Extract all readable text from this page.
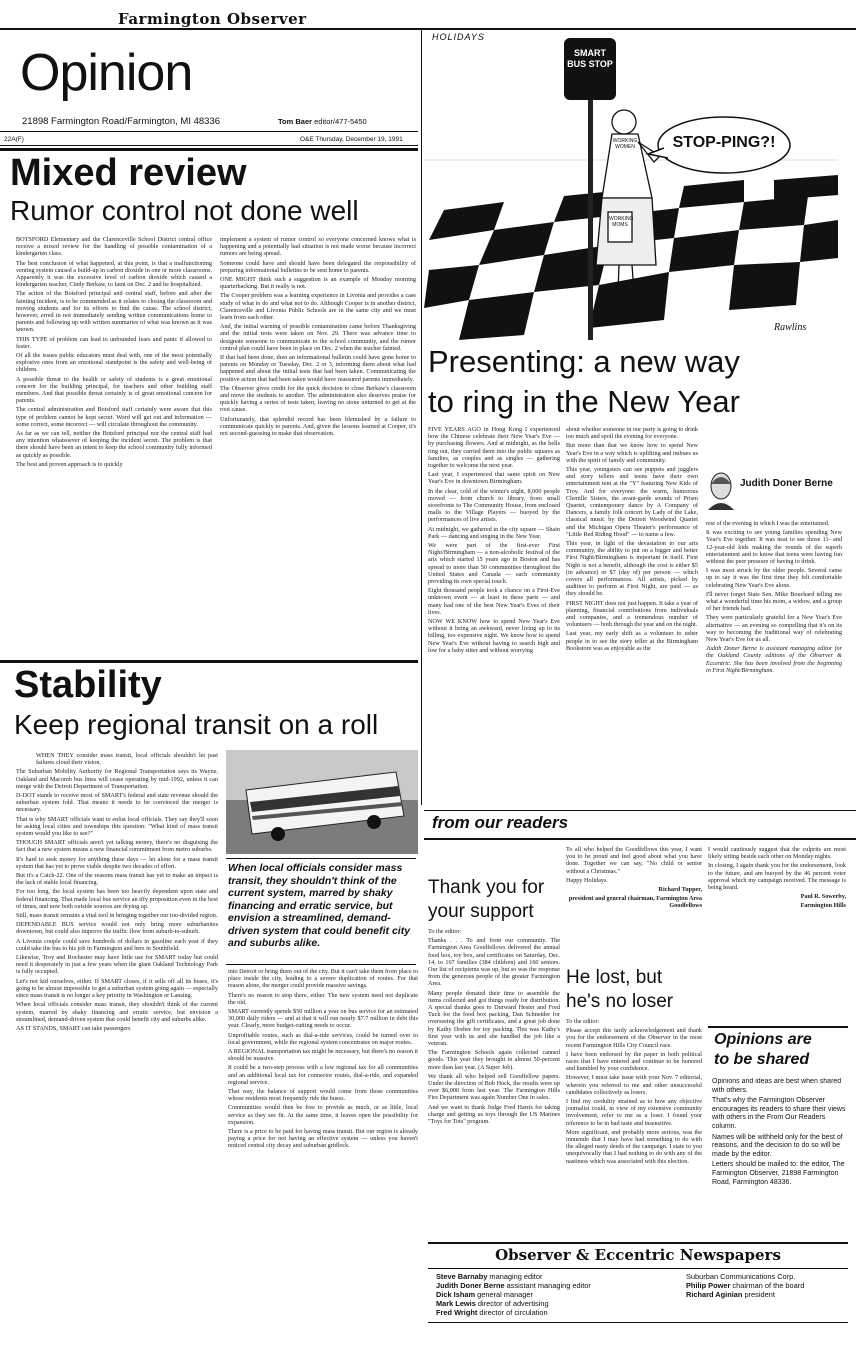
Farmington Observer
Opinion
21898 Farmington Road/Farmington, MI 48336	Tom Baer editor/477-5450
22A(F)	O&E Thursday, December 19, 1991
HOLIDAYS
SMART BUS STOP
WORKING WOMEN
WORKING MOMS
STOP-PING?!
Rawlins
Mixed review
Rumor control not done well

BOTSFORD Elementary and the Clarenceville School District central office receive a mixed review for the handling of possible contamination of a kindergarten class.

The best conclusion of what happened, at this point, is that a malfunctioning venting system caused a build-up in carbon dioxide in one or more classrooms. Apparently it was the excessive level of carbon dioxide which caused a kindergarten teacher, Cindy Berkaw, to faint on Dec. 2 and be hospitalized.

The action of the Botsford principal and central staff, before and after the fainting incident, is to be commended as it relates to closing the classroom and moving students and for its efforts to find the cause. The school district, however, erred in not immediately sending written communications home to parents and following up with written summaries of what was known as it was known.

THIS TYPE of problem can lead to unfounded fears and panic if allowed to fester.

Of all the issues public educators must deal with, one of the most potentially explosive ones from an emotional standpoint is the safety and well-being of children.

A possible threat to the health or safety of students is a great emotional concern for the building principal, for teachers and other building staff members. And that possible threat certainly is of great emotional concern for parents.

The central administration and Botsford staff certainly were aware that this type of problem cannot be kept secret. Word will get out and information — some correct, some incorrect — will circulate throughout the community.

As far as we can tell, neither the Botsford principal nor the central staff had any intention whatsoever of keeping the incident secret. The problem is that there should have been an intent to keep the school community fully informed as quickly as possible.

The best and proven approach is to quickly

implement a system of rumor control so everyone concerned knows what is happening and a potentially bad situation is not made worse because incorrect rumors are being spread.

Someone could have and should have been delegated the responsibility of preparing informational bulletins to be sent home to parents.

ONE MIGHT think such a suggestion is an example of Monday morning quarterbacking. But it really is not.

The Cooper problem was a learning experience in Livonia and provides a case study of what to do and what not to do. Although Cooper is in another district, Clarenceville and Livonia Public Schools are in the same city and we must learn from each other.

And, the initial warning of possible contamination came before Thanksgiving and the initial tests were taken on Nov. 29. There was advance time to designate someone to communicate to the school community, and the rumor control plan could have been in place on Dec. 2 when the teacher fainted.

If that had been done, then an informational bulletin could have gone home to parents on Monday or Tuesday, Dec. 2 or 3, informing them about what had happened and about the initial tests that had been taken. Communicating the positive action that had been taken would have reassured parents immediately.

The Observer gives credit for the quick decision to close Berkaw's classroom and move the students to another. The administration also deserves praise for quickly having a series of tests taken, leaving no stone unturned to get at the root cause.

Unfortunately, that splendid record has been blemished by a failure to communicate quickly to parents. And, given the lessons learned at Cooper, it's not second-guessing to make that observation.

Stability
Keep regional transit on a roll

WHEN THEY consider mass transit, local officials shouldn't let past failures cloud their vision.

The Suburban Mobility Authority for Regional Transportation says its Wayne, Oakland and Macomb bus lines will cease operating by mid-1992, unless it can merge with the Detroit Department of Transportation.

D-DOT stands to receive most of SMART's federal and state revenue should the suburban system fold. That means it needs to be convinced the merger is necessary.

That is why SMART officials want to enlist local officials. They say they'll soon be asking local cities and townships this question: "What kind of mass transit system would you like to see?"

THOUGH SMART officials aren't yet talking money, there's no disguising the fact that a new system means a new financial commitment from metro suburbs.

It's hard to seek money for anything these days — let alone for a mass transit system that has yet to prove viable despite two decades of effort.

But it's a Catch-22. One of the reasons mass transit has yet to make an impact is the lack of stable local financing.

For too long, the local system has been too heavily dependent upon state and federal financing. That made local bus service an iffy proposition even in the best of times, and now both outside sources are drying up.

Still, mass transit remains a vital tool in bringing together our too-divided region.

DEPENDABLE BUS service would not only bring more suburbanites downtown, but could also improve the traffic flow from suburb-to-suburb.

A Livonia couple could save hundreds of dollars in gasoline each year if they could take the bus to his job in Farmington and hers in Southfield.

Likewise, Troy and Rochester may have little use for SMART today but could need it desperately in just a few years when the giant Oakland Technology Park is fully occupied.

Let's not kid ourselves, either. If SMART closes, if it sells off all its buses, it's going to be almost impossible to get a suburban system going again — especially since mass transit is no longer a key priority in Washington or Lansing.

When local officials consider mass transit, they shouldn't think of the current system, marred by shaky financing and erratic service, but envision a streamlined, demand-driven system that could benefit city and suburbs alike.

AS IT STANDS, SMART can take passengers

When local officials consider mass transit, they shouldn't think of the current system, marred by shaky financing and erratic service, but envision a streamlined, demand-driven system that could benefit city and suburbs alike.

into Detroit or bring them out of the city. But it can't take them from place to place inside the city, leading to a severe duplication of routes. For that reason alone, the merger could provide massive savings.

There's no reason to stop there, either. The new system need not duplicate the old.

SMART currently spends $50 million a year on bus service for an estimated 30,000 daily riders — and at that it will run nearly $7.7 million in debt this year. Clearly, more budget-cutting needs to occur.

Unprofitable routes, such as dial-a-ride services, could be turned over to local government, while the regional system concentrates on major routes.

A REGIONAL transportation tax might be necessary, but there's no reason it should be massive.

It could be a two-step process with a low regional tax for all communities and an additional local tax for connector routes, dial-a-ride, and expanded regional service.

That way, the balance of support would come from those communities whose residents most frequently ride the buses.

Communities would then be free to provide as much, or as little, local service as they see fit. At the same time, it leaves open the possibility for expansion.

There is a price to be paid for having mass transit. But our region is already paying a price for not having an effective system — unless you haven't noticed central city decay and suburban gridlock.

Presenting: a new way
to ring in the New Year

FIVE YEARS AGO in Hong Kong I experienced how the Chinese celebrate their New Year's Eve — by purchasing flowers. And at midnight, as the bells ring out, they carried them into the public squares as families, as couples and as singles — gathering together to welcome the next year.

Last year, I experienced that same spirit on New Year's Eve in downtown Birmingham.

In the clear, cold of the winter's night, 8,000 people moved — from church to library, from small storefronts to The Community House, from enclosed malls to the Village Players — buoyed by the performances of live artists.

At midnight, we gathered in the city square — Shain Park — dancing and singing in the New Year.

We were part of the first-ever First Night/Birmingham — a non-alcoholic festival of the arts which started 15 years ago in Boston and has spread to more than 50 communities throughout the United States and Canada — each community providing its own special touch.

Eight thousand people took a chance on a First-Eve unknown event — at least in these parts — and many had one of the best New Year's Eves of their lives.

NOW WE KNOW how to spend New Year's Eve without it being an awkward, never living up to its billing, too expensive night. We know how to spend New Year's Eve without having to search high and low for a baby sitter and without worrying

about whether someone in our party is going to drink too much and spoil the evening for everyone.

But more than that we know how to spend New Year's Eve in a way which is uplifting and imbues us with the spirit of family and community.

This year, youngsters can see puppets and jugglers and story tellers and teens have their own entertainment tent at the "Y" featuring New Kids of Troy. And for everyone: the warm, humorous Chenille Sisters, the avant-garde sounds of Prism Quartet, contemporary dance by A Company of Dancers, a family folk concert by Lady of the Lake, classical music by the Detroit Woodwind Quartet and the Michigan Opera Theater's performance of "Little Red Riding Hood" — to name a few.

This year, in light of the devastation to our arts community, the ability to put on a bigger and better First Night/Birmingham is important in itself. First Night is not a benefit, although the cost is either $5 (in advance) or $7 (day of) per person — which covers all performances. All artists, picked by audition to perform at First Night, are paid — as they should be.

FIRST NIGHT does not just happen. It take a year of planning, financial contributions from individuals and companies, and a tremendous number of volunteers — both through the year and on the night.

Last year, my early shift as a volunteer to usher people in to see the story teller at the Birmingham Bookstore was as enjoyable as the

Judith Doner Berne

rest of the evening in which I was the entertained.

It was exciting to see young families spending New Year's Eve together. It was neat to see those 11- and 12-year-old kids making the rounds of the superb entertainment and to know that teens were having fun without the peer pressure of having to drink.

I was most struck by the older people. Several came up to say it was the first time they felt comfortable celebrating New Year's Eve alone.

I'll never forget State Sen. Mike Bouchard telling me what a wonderful time his mom, a widow, and a group of her friends had.

They were particularly grateful for a New Year's Eve alternative — an evening so compelling that it's on its way to becoming the traditional way of celebrating New Year's Eve for us all.

Judith Doner Berne is assistant managing editor for the Oakland County editions of the Observer & Eccentric. She has been involved from the beginning in First Night/Birmingham.

from our readers
Thank you for
your support

To the editor:

Thanks . . . To and from our community. The Farmington Area Goodfellows delivered the annual food box, toy box, and certificates on Saturday, Dec. 14, to 167 families (384 children) and 160 seniors. Our list of recipients was up, but so was the response from the generous people of the greater Farmington Area.

Many people donated their time to assemble the items collected and got things ready for distribution. A special thanks goes to Durward Hester and Fred Tuck for the food box packing, Dan Schneider for overseeing the gift certificates, and a great job done by Kathy Dreher for toy packing. This was Kathy's first year with us and she handled the job like a veteran.

The Farmington Schools again collected canned goods. This year they brought in almost 50-percent more than last year. (A Super Job).

We thank all who helped sell Goodfellow papers. Under the direction of Bob Hock, the results were up over $6,000 from last year. The Farmington Hills Fire Department was again Number One in sales.

And we want to thank Judge Fred Harris for taking charge and getting us toys through the US Marines "Toys for Tots" program.

To all who helped the Goodfellows this year, I want you to be proud and feel good about what you have done. Together we can say, "No child or senior without a Christmas."

Happy Holidays.

Richard Tupper,

president and general chairman, Farmington Area Goodfellows

He lost, but
he's no loser

To the editor:

Please accept this tardy acknowledgement and thank you for the endorsement of the Observer in the most recent Farmington Hills City Council race.

I have been endorsed by the paper in both political races that I have entered and continue to be honored and humbled by your confidence.

However, I must take issue with your Nov. 7 editorial, wherein you referred to me and other unsuccessful candidates collectively as losers.

I find my credulity strained as to how any objective journalist could, in view of my extensive community involvement, refer to me as a loser. I found your reference to be in bad taste and insensitive.

More significant, and probably more serious, was the innuendo that I may have had something to do with the alleged nasty deeds of the campaign. I state to you unequivocally that I had nothing to do with any of the nastiness which was associated with this election.

I would cautiously suggest that the culprits are most likely sitting beside each other on Monday nights.

In closing, I again thank you for the endorsement, look to the future, and am buoyed by the 46 percent voter approval which my campaign received. The message is being heard.

Paul R. Sowerby,

Farmington Hills

Opinions are
to be shared

Opinions and ideas are best when shared with others.

That's why the Farmington Observer encourages its readers to share their views with others in the From Our Readers column.

Names will be withheld only for the best of reasons, and the decision to do so will be made by the editor.

Letters should be mailed to: the editor, The Farmington Observer, 21898 Farmington Road, Farmington 48336.

Observer & Eccentric Newspapers
Steve Barnaby managing editor
Judith Doner Berne assistant managing editor
Dick Isham general manager
Mark Lewis director of advertising
Fred Wright director of circulation
Suburban Communications Corp.
Philip Power chairman of the board
Richard Aginian president
